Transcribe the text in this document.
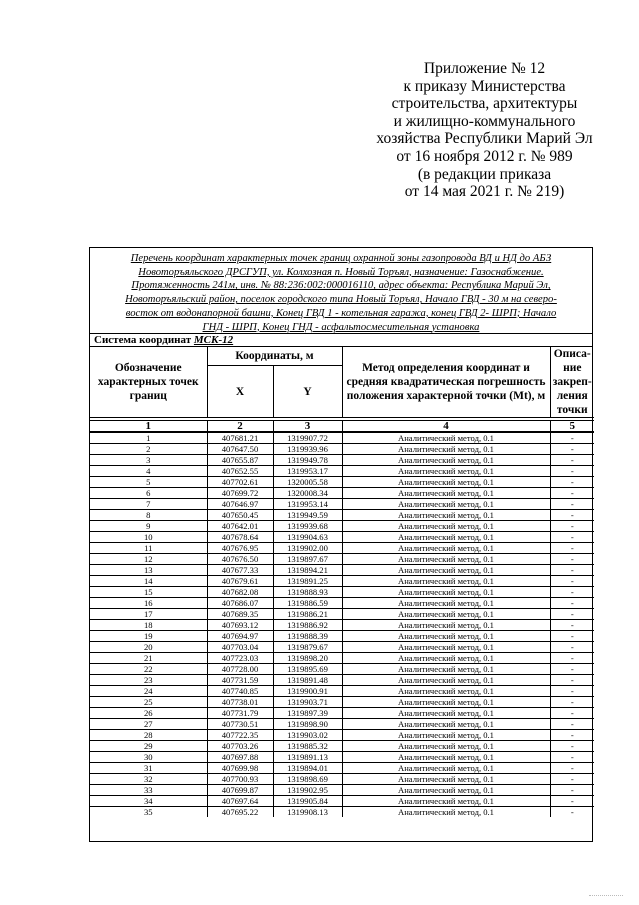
Приложение № 12
к приказу Министерства
строительства, архитектуры
и жилищно-коммунального
хозяйства Республики Марий Эл
от 16 ноября 2012 г. № 989
(в редакции приказа
от 14 мая 2021 г. № 219)
Перечень координат характерных точек границ охранной зоны газопровода ВД и НД до АБЗ
Новоторъяльского ДРСГУП, ул. Колхозная п. Новый Торъял, назначение: Газоснабжение.
Протяженность 241м, инв. № 88:236:002:000016110, адрес объекта: Республика Марий Эл,
Новоторъяльский район, поселок городского типа Новый Торъял, Начало ГВД - 30 м на северо-
восток от водонапорной башни, Конец ГВД 1 - котельная гаража, конец ГВД 2- ШРП; Начало
ГНД - ШРП, Конец ГНД - асфальтосмесительная установка
Система координат МСК-12
Обозначение характерных точек границ	Координаты, м		Метод определения координат и средняя квадратическая погрешность положения характерной точки (Mt), м	Описа-ние закреп-ления точки
	X	Y		
1	2	3	4	5
1	407681.21	1319907.72	Аналитический метод, 0.1	-
2	407647.50	1319939.96	Аналитический метод, 0.1	-
3	407655.87	1319949.78	Аналитический метод, 0.1	-
4	407652.55	1319953.17	Аналитический метод, 0.1	-
5	407702.61	1320005.58	Аналитический метод, 0.1	-
6	407699.72	1320008.34	Аналитический метод, 0.1	-
7	407646.97	1319953.14	Аналитический метод, 0.1	-
8	407650.45	1319949.59	Аналитический метод, 0.1	-
9	407642.01	1319939.68	Аналитический метод, 0.1	-
10	407678.64	1319904.63	Аналитический метод, 0.1	-
11	407676.95	1319902.00	Аналитический метод, 0.1	-
12	407676.50	1319897.67	Аналитический метод, 0.1	-
13	407677.33	1319894.21	Аналитический метод, 0.1	-
14	407679.61	1319891.25	Аналитический метод, 0.1	-
15	407682.08	1319888.93	Аналитический метод, 0.1	-
16	407686.07	1319886.59	Аналитический метод, 0.1	-
17	407689.35	1319886.21	Аналитический метод, 0.1	-
18	407693.12	1319886.92	Аналитический метод, 0.1	-
19	407694.97	1319888.39	Аналитический метод, 0.1	-
20	407703.04	1319879.67	Аналитический метод, 0.1	-
21	407723.03	1319898.20	Аналитический метод, 0.1	-
22	407728.00	1319895.69	Аналитический метод, 0.1	-
23	407731.59	1319891.48	Аналитический метод, 0.1	-
24	407740.85	1319900.91	Аналитический метод, 0.1	-
25	407738.01	1319903.71	Аналитический метод, 0.1	-
26	407731.79	1319897.39	Аналитический метод, 0.1	-
27	407730.51	1319898.90	Аналитический метод, 0.1	-
28	407722.35	1319903.02	Аналитический метод, 0.1	-
29	407703.26	1319885.32	Аналитический метод, 0.1	-
30	407697.88	1319891.13	Аналитический метод, 0.1	-
31	407699.98	1319894.01	Аналитический метод, 0.1	-
32	407700.93	1319898.69	Аналитический метод, 0.1	-
33	407699.87	1319902.95	Аналитический метод, 0.1	-
34	407697.64	1319905.84	Аналитический метод, 0.1	-
35	407695.22	1319908.13	Аналитический метод, 0.1	-
